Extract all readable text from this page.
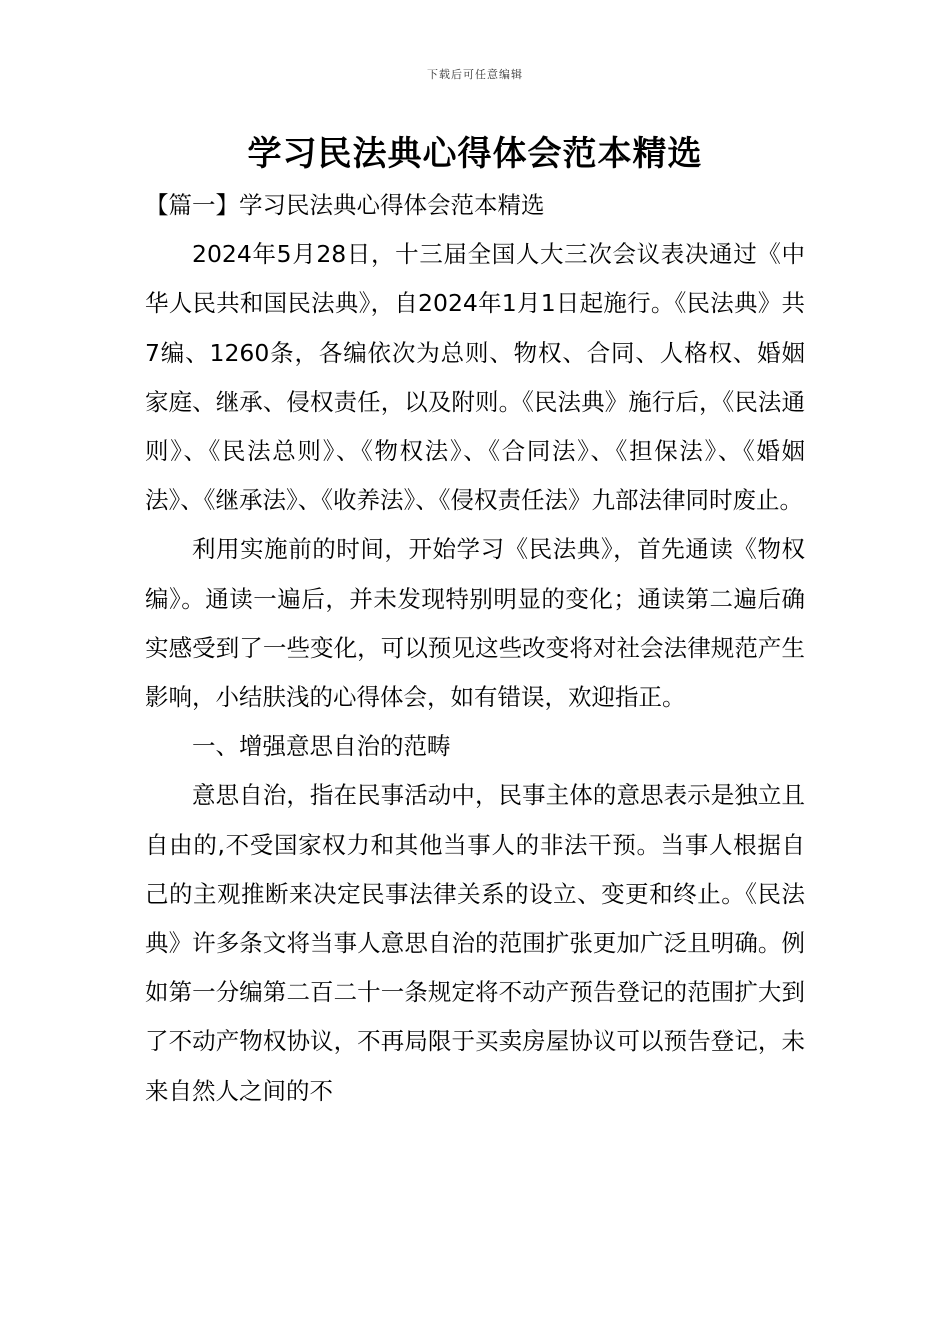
下载后可任意编辑
学习民法典心得体会范本精选

【篇一】学习民法典心得体会范本精选

2024年5月28日，十三届全国人大三次会议表决通过《中华人民共和国民法典》，自2024年1月1日起施行。《民法典》共7编、1260条，各编依次为总则、物权、合同、人格权、婚姻家庭、继承、侵权责任，以及附则。《民法典》施行后，《民法通则》、《民法总则》、《物权法》、《合同法》、《担保法》、《婚姻法》、《继承法》、《收养法》、《侵权责任法》九部法律同时废止。

利用实施前的时间，开始学习《民法典》，首先通读《物权编》。通读一遍后，并未发现特别明显的变化；通读第二遍后确实感受到了一些变化，可以预见这些改变将对社会法律规范产生影响，小结肤浅的心得体会，如有错误，欢迎指正。

一、增强意思自治的范畴

意思自治，指在民事活动中，民事主体的意思表示是独立且自由的,不受国家权力和其他当事人的非法干预。当事人根据自己的主观推断来决定民事法律关系的设立、变更和终止。《民法典》许多条文将当事人意思自治的范围扩张更加广泛且明确。例如第一分编第二百二十一条规定将不动产预告登记的范围扩大到了不动产物权协议，不再局限于买卖房屋协议可以预告登记，未来自然人之间的不
